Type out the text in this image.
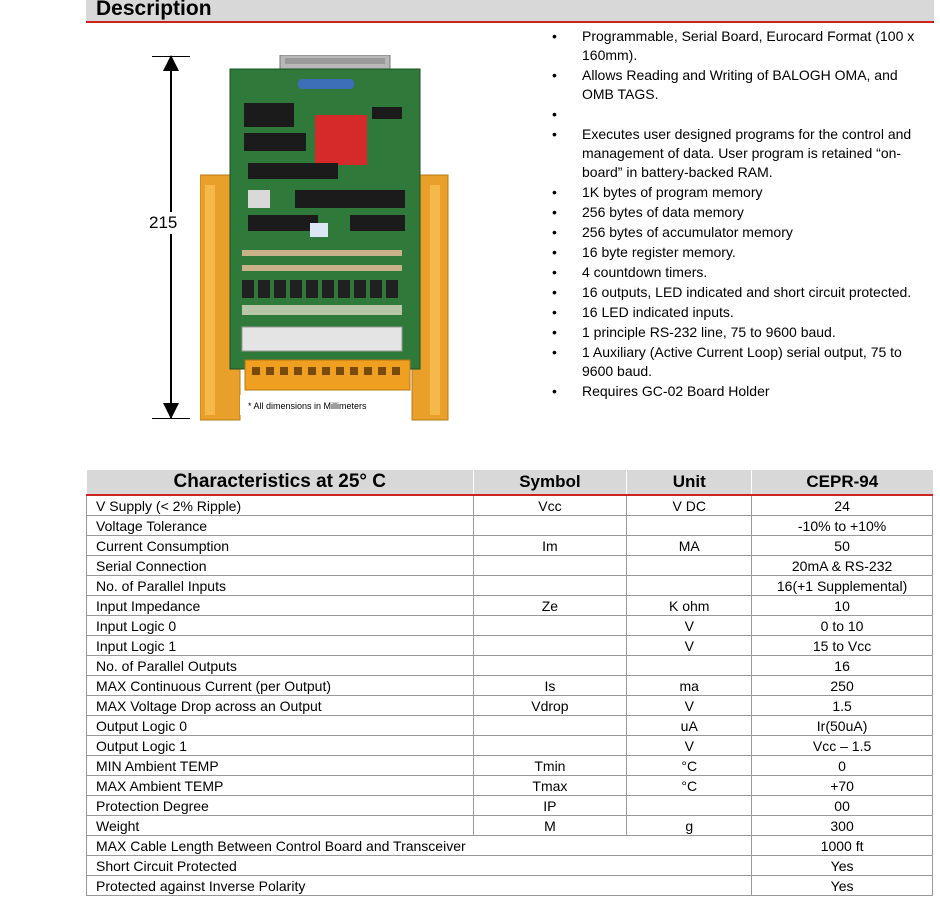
Description
215
* All dimensions in Millimeters
• Programmable, Serial Board, Eurocard Format (100 x 160mm).
• Allows Reading and Writing of BALOGH OMA, and OMB TAGS.
•
• Executes user designed programs for the control and management of data. User program is retained “on-board” in battery-backed RAM.
• 1K bytes of program memory
• 256 bytes of data memory
• 256 bytes of accumulator memory
• 16 byte register memory.
• 4 countdown timers.
• 16 outputs, LED indicated and short circuit protected.
• 16 LED indicated inputs.
• 1 principle RS-232 line, 75 to 9600 baud.
• 1 Auxiliary (Active Current Loop) serial output, 75 to 9600 baud.
• Requires GC-02 Board Holder
Characteristics at 25° C	Symbol	Unit	CEPR-94
V Supply (< 2% Ripple)	Vcc	V DC	24
Voltage Tolerance			-10% to +10%
Current Consumption	Im	MA	50
Serial Connection			20mA & RS-232
No. of Parallel Inputs			16(+1 Supplemental)
Input Impedance	Ze	K ohm	10
Input Logic 0		V	0 to 10
Input Logic 1		V	15 to Vcc
No. of Parallel Outputs			16
MAX Continuous Current (per Output)	Is	ma	250
MAX Voltage Drop across an Output	Vdrop	V	1.5
Output Logic 0		uA	Ir(50uA)
Output Logic 1		V	Vcc – 1.5
MIN Ambient TEMP	Tmin	°C	0
MAX Ambient TEMP	Tmax	°C	+70
Protection Degree	IP		00
Weight	M	g	300
MAX Cable Length Between Control Board and Transceiver			1000 ft
Short Circuit Protected			Yes
Protected against Inverse Polarity			Yes
